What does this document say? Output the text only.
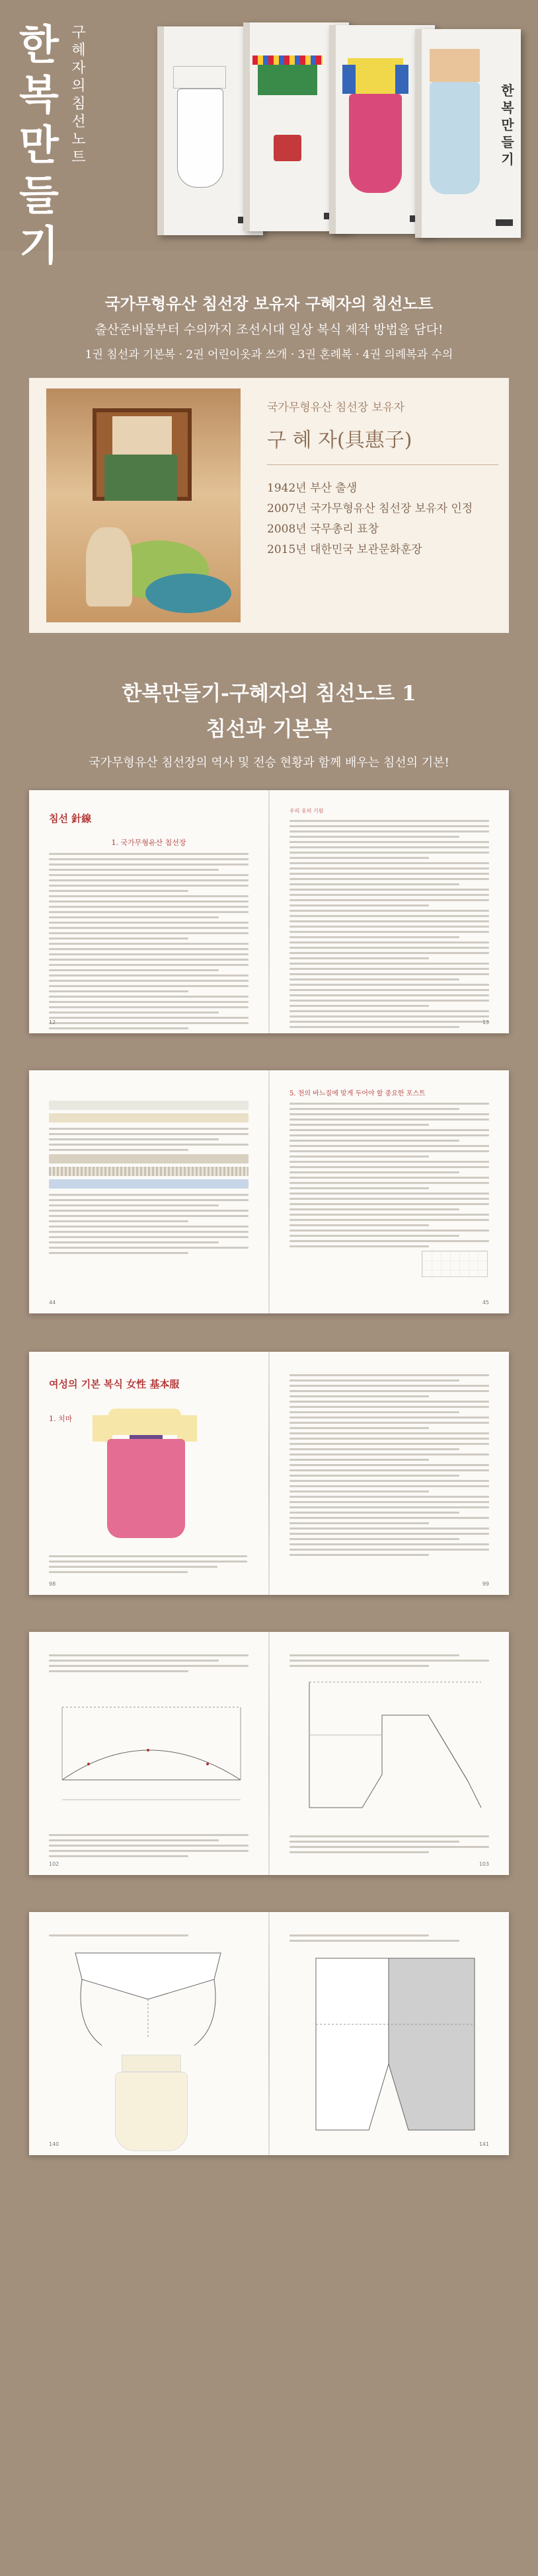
한복만들기
구혜자의 침선노트
한복만들기
국가무형유산 침선장 보유자 구혜자의 침선노트
출산준비물부터 수의까지 조선시대 일상 복식 제작 방법을 담다!
1권 침선과 기본복 · 2권 어린이옷과 쓰개 · 3권 혼례복 · 4권 의례복과 수의
국가무형유산 침선장 보유자
구 혜 자(具惠子)
1942년 부산 출생
2007년 국가무형유산 침선장 보유자 인정
2008년 국무총리 표창
2015년 대한민국 보관문화훈장
한복만들기-구혜자의 침선노트 1
침선과 기본복
국가무형유산 침선장의 역사 및 전승 현황과 함께 배우는 침선의 기본!
침선 針線
1. 국가무형유산 침선장
12
우리 옷의 기원
13
44
5. 천의 바느질에 맞게 두어야 할 중요한 포스트
45
여성의 기본 복식 女性 基本服
1. 치마
98	99
102	103
140	141
